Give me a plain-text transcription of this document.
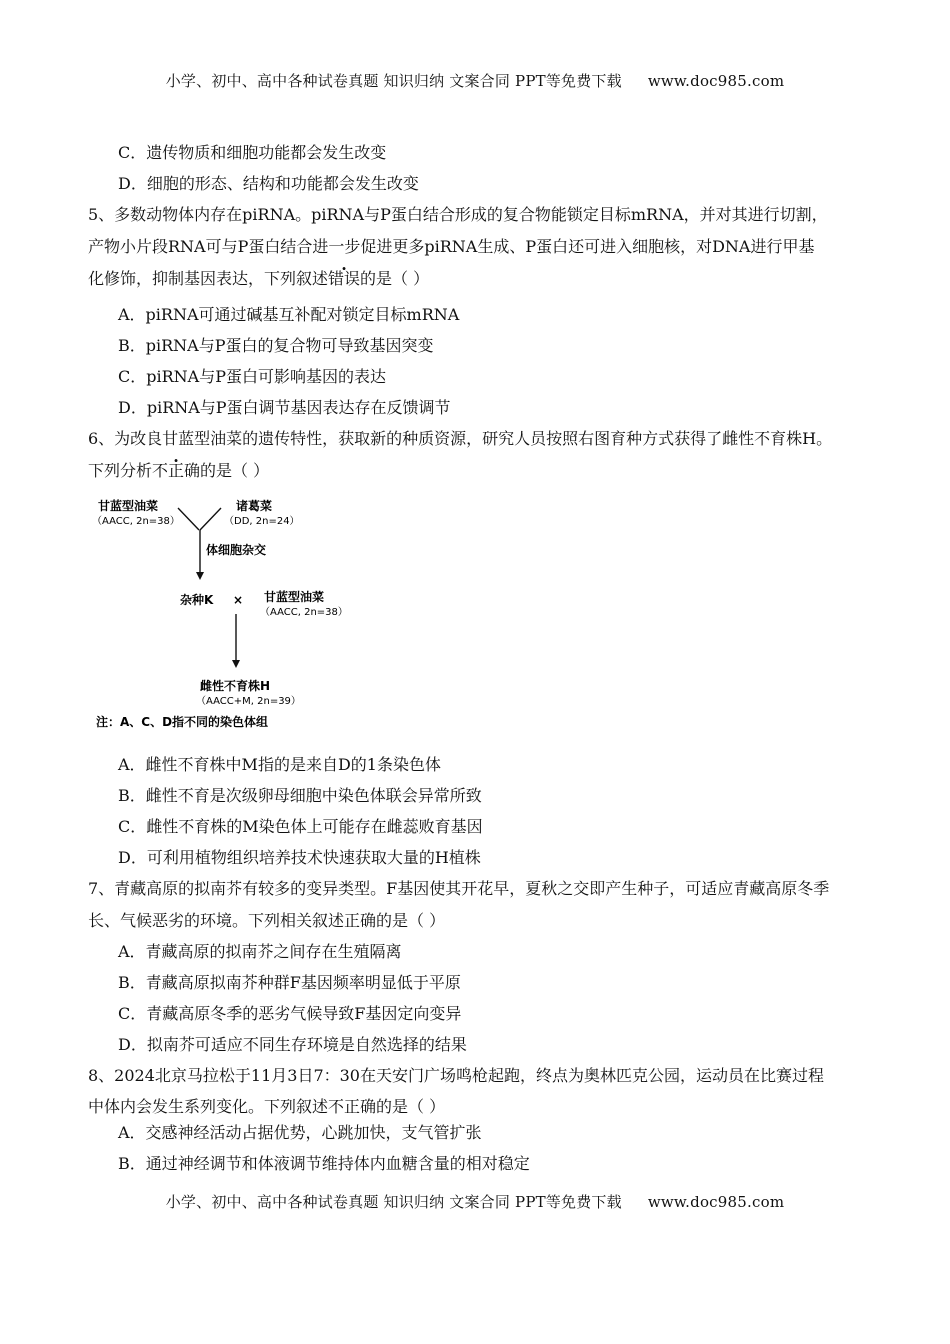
小学、初中、高中各种试卷真题 知识归纳 文案合同 PPT等免费下载 www.doc985.com
C．遗传物质和细胞功能都会发生改变
D．细胞的形态、结构和功能都会发生改变
5、多数动物体内存在piRNA。piRNA与P蛋白结合形成的复合物能锁定目标mRNA，并对其进行切割，
产物小片段RNA可与P蛋白结合进一步促进更多piRNA生成、P蛋白还可进入细胞核，对DNA进行甲基
化修饰，抑制基因表达，下列叙述错误的是（ ）
A．piRNA可通过碱基互补配对锁定目标mRNA
B．piRNA与P蛋白的复合物可导致基因突变
C．piRNA与P蛋白可影响基因的表达
D．piRNA与P蛋白调节基因表达存在反馈调节
6、为改良甘蓝型油菜的遗传特性，获取新的种质资源，研究人员按照右图育种方式获得了雌性不育株H。
下列分析不正确的是（ ）
甘蓝型油菜
（AACC, 2n=38）
诸葛菜
（DD, 2n=24）
体细胞杂交
杂种K × 甘蓝型油菜
（AACC, 2n=38）
雌性不育株H
（AACC+M, 2n=39）
注：A、C、D指不同的染色体组
A．雌性不育株中M指的是来自D的1条染色体
B．雌性不育是次级卵母细胞中染色体联会异常所致
C．雌性不育株的M染色体上可能存在雌蕊败育基因
D．可利用植物组织培养技术快速获取大量的H植株
7、青藏高原的拟南芥有较多的变异类型。F基因使其开花早，夏秋之交即产生种子，可适应青藏高原冬季
长、气候恶劣的环境。下列相关叙述正确的是（ ）
A．青藏高原的拟南芥之间存在生殖隔离
B．青藏高原拟南芥种群F基因频率明显低于平原
C．青藏高原冬季的恶劣气候导致F基因定向变异
D．拟南芥可适应不同生存环境是自然选择的结果
8、2024北京马拉松于11月3日7：30在天安门广场鸣枪起跑，终点为奥林匹克公园，运动员在比赛过程
中体内会发生系列变化。下列叙述不正确的是（ ）
A．交感神经活动占据优势，心跳加快，支气管扩张
B．通过神经调节和体液调节维持体内血糖含量的相对稳定
小学、初中、高中各种试卷真题 知识归纳 文案合同 PPT等免费下载 www.doc985.com
